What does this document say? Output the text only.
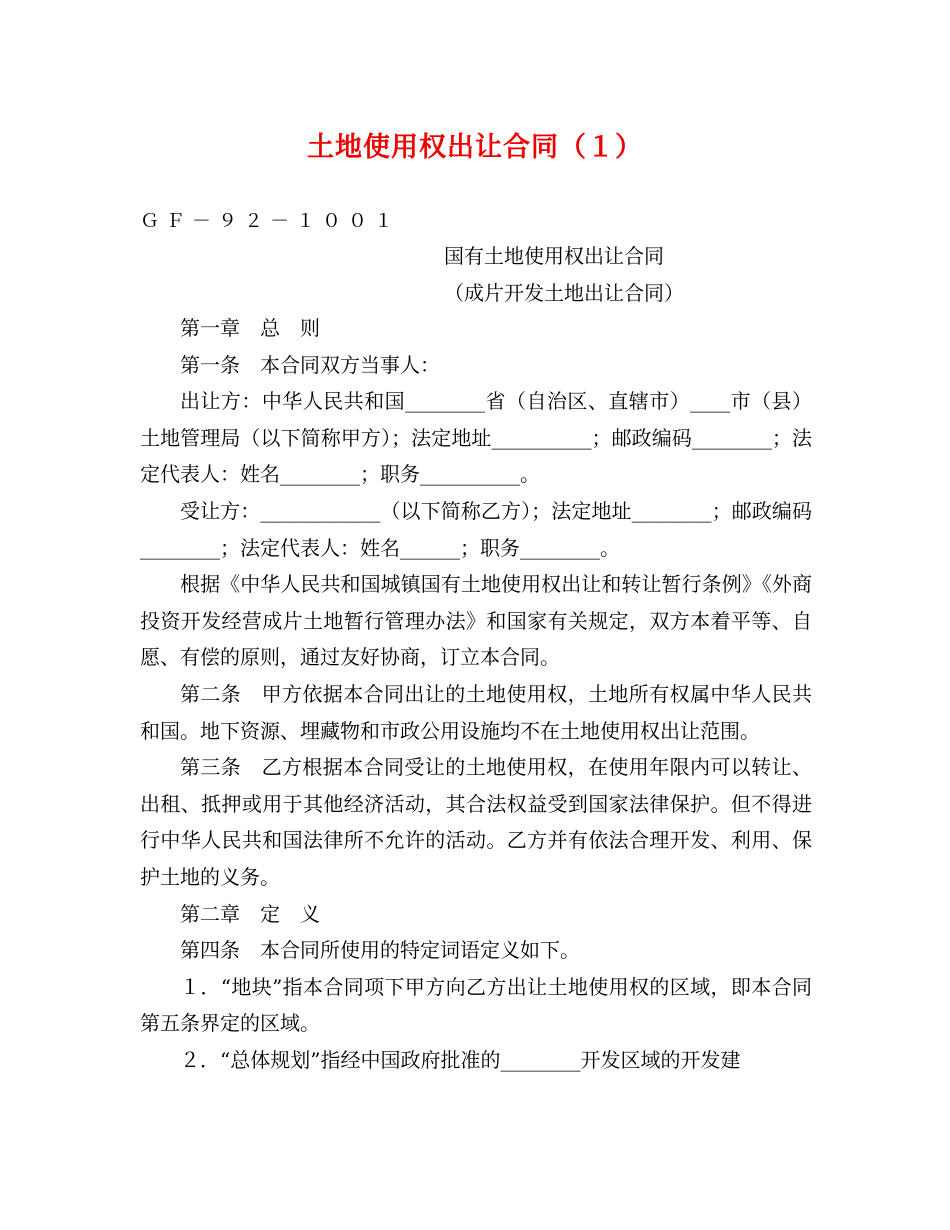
土地使用权出让合同（１）
ＧＦ－９２－１００１
国有土地使用权出让合同
（成片开发土地出让合同）

第一章　总　则

第一条　本合同双方当事人：

出让方：中华人民共和国________省（自治区、直辖市）____市（县）土地管理局（以下简称甲方）；法定地址__________；邮政编码________；法定代表人：姓名________；职务__________。

受让方：____________（以下简称乙方）；法定地址________；邮政编码________；法定代表人：姓名______；职务________。

根据《中华人民共和国城镇国有土地使用权出让和转让暂行条例》《外商投资开发经营成片土地暂行管理办法》和国家有关规定，双方本着平等、自愿、有偿的原则，通过友好协商，订立本合同。

第二条　甲方依据本合同出让的土地使用权，土地所有权属中华人民共和国。地下资源、埋藏物和市政公用设施均不在土地使用权出让范围。

第三条　乙方根据本合同受让的土地使用权，在使用年限内可以转让、出租、抵押或用于其他经济活动，其合法权益受到国家法律保护。但不得进行中华人民共和国法律所不允许的活动。乙方并有依法合理开发、利用、保护土地的义务。

第二章　定　义

第四条　本合同所使用的特定词语定义如下。

１．“地块”指本合同项下甲方向乙方出让土地使用权的区域，即本合同第五条界定的区域。

２．“总体规划”指经中国政府批准的________开发区域的开发建
